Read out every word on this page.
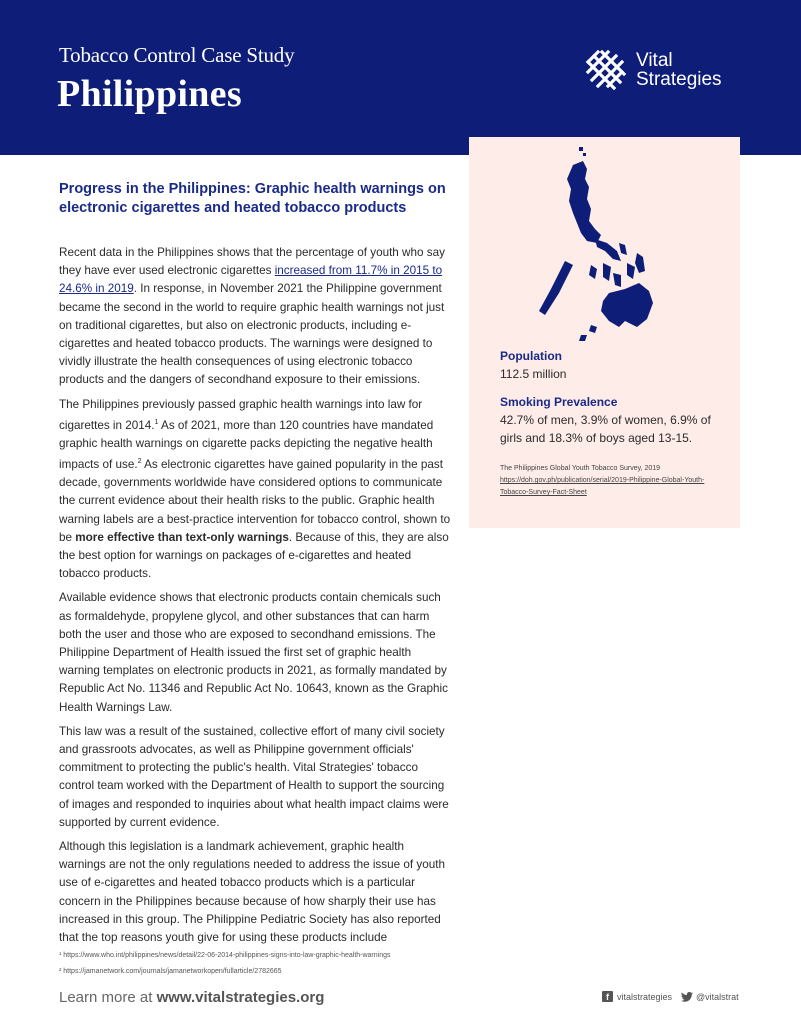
Tobacco Control Case Study
Philippines
Vital
Strategies
Population
112.5 million
Smoking Prevalence
42.7% of men, 3.9% of women, 6.9% of girls and 18.3% of boys aged 13-15.
The Philippines Global Youth Tobacco Survey, 2019
https://doh.gov.ph/publication/serial/2019-Philippine-Global-Youth-Tobacco-Survey-Fact-Sheet
Progress in the Philippines: Graphic health warnings on electronic cigarettes and heated tobacco products

Recent data in the Philippines shows that the percentage of youth who say they have ever used electronic cigarettes increased from 11.7% in 2015 to 24.6% in 2019. In response, in November 2021 the Philippine government became the second in the world to require graphic health warnings not just on traditional cigarettes, but also on electronic products, including e-cigarettes and heated tobacco products. The warnings were designed to vividly illustrate the health consequences of using electronic tobacco products and the dangers of secondhand exposure to their emissions.

The Philippines previously passed graphic health warnings into law for cigarettes in 2014.$^1$ As of 2021, more than 120 countries have mandated graphic health warnings on cigarette packs depicting the negative health impacts of use.$^2$ As electronic cigarettes have gained popularity in the past decade, governments worldwide have considered options to communicate the current evidence about their health risks to the public. Graphic health warning labels are a best-practice intervention for tobacco control, shown to be more effective than text-only warnings. Because of this, they are also the best option for warnings on packages of e-cigarettes and heated tobacco products.

Available evidence shows that electronic products contain chemicals such as formaldehyde, propylene glycol, and other substances that can harm both the user and those who are exposed to secondhand emissions. The Philippine Department of Health issued the first set of graphic health warning templates on electronic products in 2021, as formally mandated by Republic Act No. 11346 and Republic Act No. 10643, known as the Graphic Health Warnings Law.

This law was a result of the sustained, collective effort of many civil society and grassroots advocates, as well as Philippine government officials' commitment to protecting the public's health. Vital Strategies' tobacco control team worked with the Department of Health to support the sourcing of images and responded to inquiries about what health impact claims were supported by current evidence.

Although this legislation is a landmark achievement, graphic health warnings are not the only regulations needed to address the issue of youth use of e-cigarettes and heated tobacco products which is a particular concern in the Philippines because because of how sharply their use has increased in this group. The Philippine Pediatric Society has also reported that the top reasons youth give for using these products include

¹ https://www.who.int/philippines/news/detail/22-06-2014-philippines-signs-into-law-graphic-health-warnings
² https://jamanetwork.com/journals/jamanetworkopen/fullarticle/2782665
Learn more at www.vitalstrategies.org	f vitalstrategies	@vitalstrat
